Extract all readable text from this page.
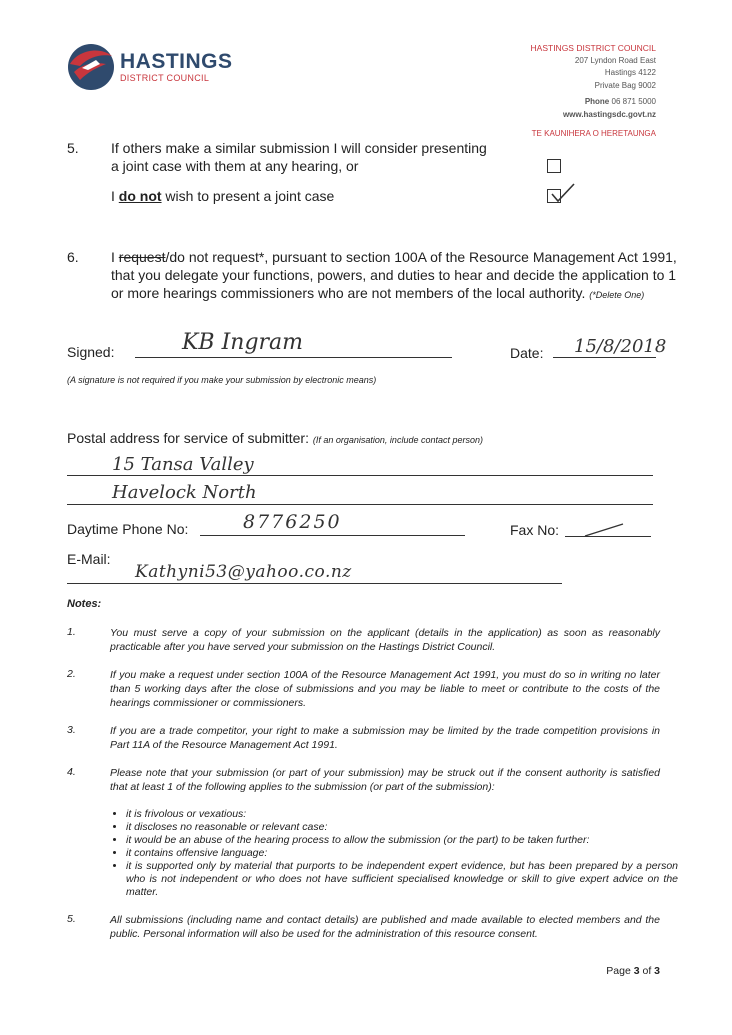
HASTINGS
DISTRICT COUNCIL
HASTINGS DISTRICT COUNCIL
207 Lyndon Road East
Hastings 4122
Private Bag 9002
Phone 06 871 5000
www.hastingsdc.govt.nz
TE KAUNIHERA O HERETAUNGA
5. If others make a similar submission I will consider presenting
a joint case with them at any hearing, or
I do not wish to present a joint case
6. I request/do not request*, pursuant to section 100A of the Resource Management Act 1991,
that you delegate your functions, powers, and duties to hear and decide the application to 1
or more hearings commissioners who are not members of the local authority. (*Delete One)
Signed:	KB Ingram	Date: 15/8/2018
(A signature is not required if you make your submission by electronic means)
Postal address for service of submitter: (If an organisation, include contact person)
15 Tansa Valley
Havelock North
Daytime Phone No:	8776250	Fax No:
E-Mail:
Kathyni53@yahoo.co.nz
Notes:
1.	You must serve a copy of your submission on the applicant (details in the application) as soon as reasonably practicable after you have served your submission on the Hastings District Council.
2.	If you make a request under section 100A of the Resource Management Act 1991, you must do so in writing no later than 5 working days after the close of submissions and you may be liable to meet or contribute to the costs of the hearings commissioner or commissioners.
3.	If you are a trade competitor, your right to make a submission may be limited by the trade competition provisions in Part 11A of the Resource Management Act 1991.
4.	Please note that your submission (or part of your submission) may be struck out if the consent authority is satisfied that at least 1 of the following applies to the submission (or part of the submission):
• it is frivolous or vexatious:
• it discloses no reasonable or relevant case:
• it would be an abuse of the hearing process to allow the submission (or the part) to be taken further:
• it contains offensive language:
• it is supported only by material that purports to be independent expert evidence, but has been prepared by a person who is not independent or who does not have sufficient specialised knowledge or skill to give expert advice on the matter.
5.	All submissions (including name and contact details) are published and made available to elected members and the public. Personal information will also be used for the administration of this resource consent.
Page 3 of 3
